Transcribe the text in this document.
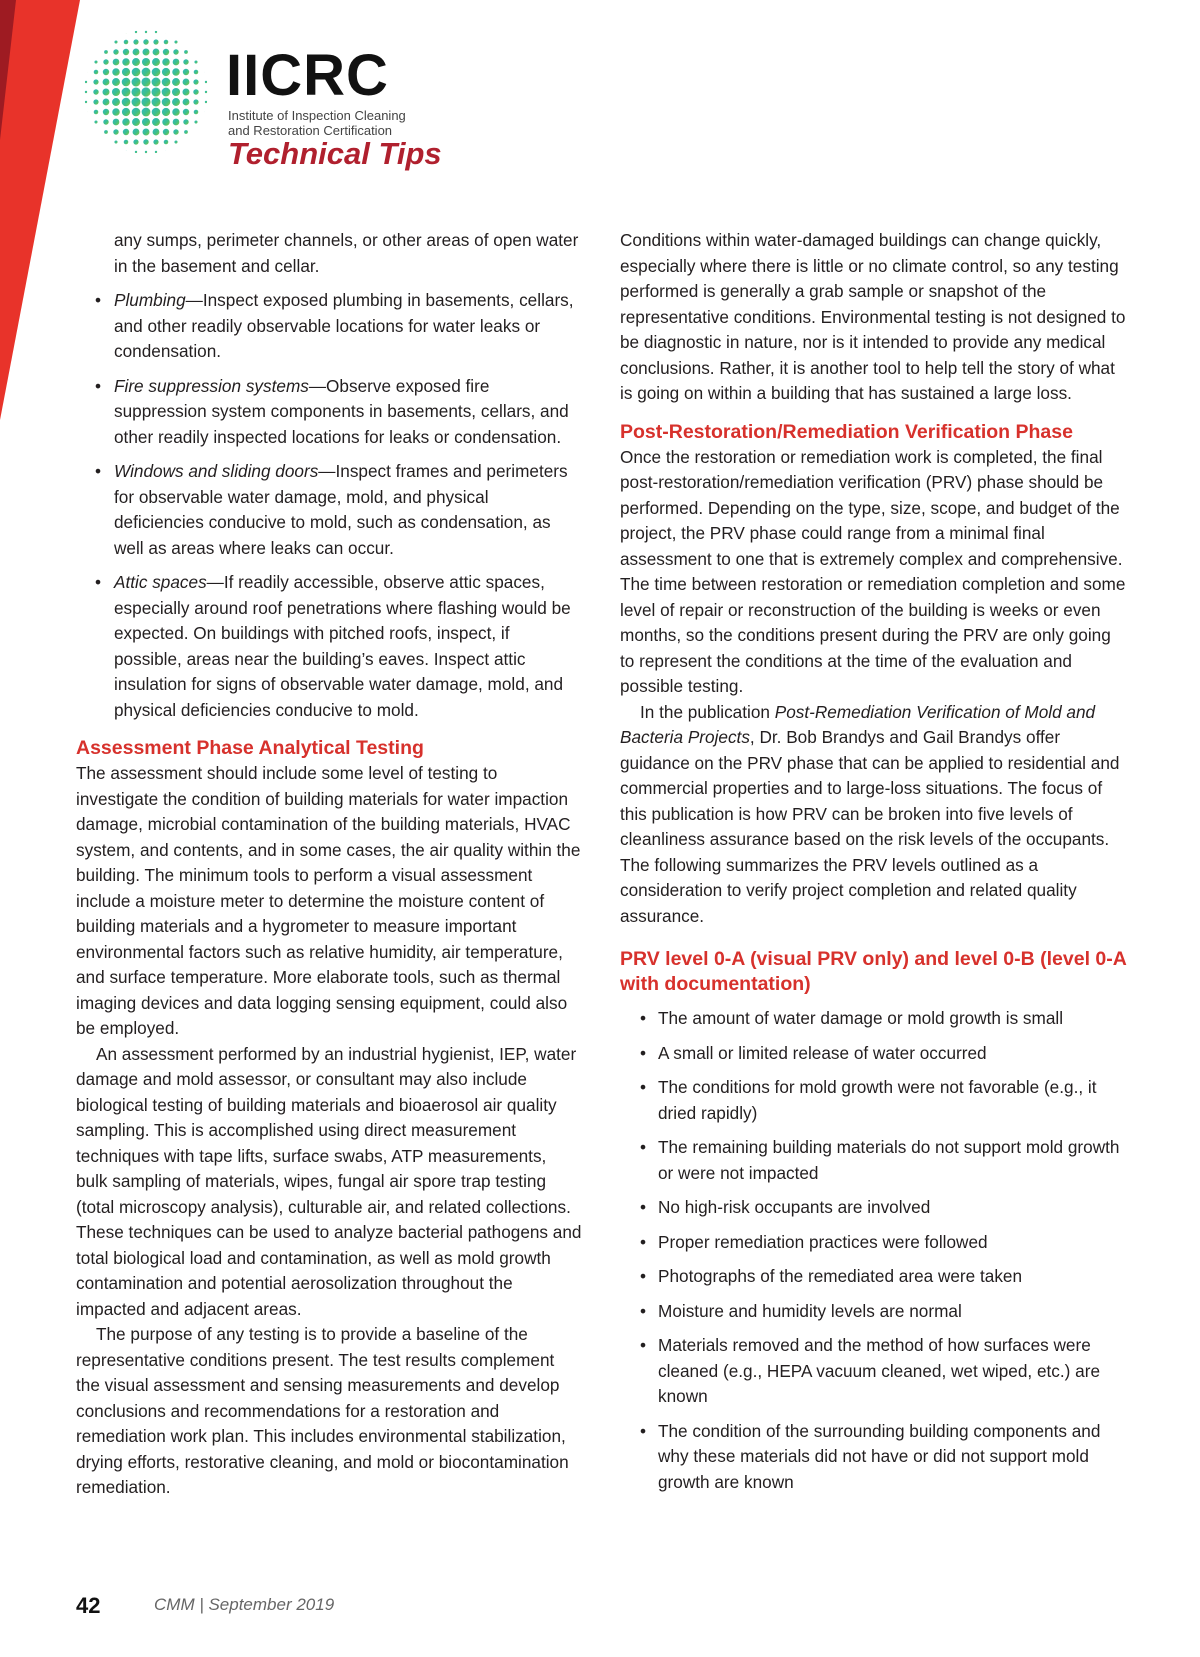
IICRC
Institute of Inspection Cleaning
and Restoration Certification
Technical Tips

any sumps, perimeter channels, or other areas of open water in the basement and cellar.

• Plumbing—Inspect exposed plumbing in basements, cellars, and other readily observable locations for water leaks or condensation.
• Fire suppression systems—Observe exposed fire suppression system components in basements, cellars, and other readily inspected locations for leaks or condensation.
• Windows and sliding doors—Inspect frames and perimeters for observable water damage, mold, and physical deficiencies conducive to mold, such as condensation, as well as areas where leaks can occur.
• Attic spaces—If readily accessible, observe attic spaces, especially around roof penetrations where flashing would be expected. On buildings with pitched roofs, inspect, if possible, areas near the building’s eaves. Inspect attic insulation for signs of observable water damage, mold, and physical deficiencies conducive to mold.
Assessment Phase Analytical Testing

The assessment should include some level of testing to investigate the condition of building materials for water impaction damage, microbial contamination of the building materials, HVAC system, and contents, and in some cases, the air quality within the building. The minimum tools to perform a visual assessment include a moisture meter to determine the moisture content of building materials and a hygrometer to measure important environmental factors such as relative humidity, air temperature, and surface temperature. More elaborate tools, such as thermal imaging devices and data logging sensing equipment, could also be employed.

An assessment performed by an industrial hygienist, IEP, water damage and mold assessor, or consultant may also include biological testing of building materials and bioaerosol air quality sampling. This is accomplished using direct measurement techniques with tape lifts, surface swabs, ATP measurements, bulk sampling of materials, wipes, fungal air spore trap testing (total microscopy analysis), culturable air, and related collections. These techniques can be used to analyze bacterial pathogens and total biological load and contamination, as well as mold growth contamination and potential aerosolization throughout the impacted and adjacent areas.

The purpose of any testing is to provide a baseline of the representative conditions present. The test results complement the visual assessment and sensing measurements and develop conclusions and recommendations for a restoration and remediation work plan. This includes environmental stabilization, drying efforts, restorative cleaning, and mold or biocontamination remediation.

Conditions within water-damaged buildings can change quickly, especially where there is little or no climate control, so any testing performed is generally a grab sample or snapshot of the representative conditions. Environmental testing is not designed to be diagnostic in nature, nor is it intended to provide any medical conclusions. Rather, it is another tool to help tell the story of what is going on within a building that has sustained a large loss.

Post-Restoration/Remediation Verification Phase

Once the restoration or remediation work is completed, the final post-restoration/remediation verification (PRV) phase should be performed. Depending on the type, size, scope, and budget of the project, the PRV phase could range from a minimal final assessment to one that is extremely complex and comprehensive. The time between restoration or remediation completion and some level of repair or reconstruction of the building is weeks or even months, so the conditions present during the PRV are only going to represent the conditions at the time of the evaluation and possible testing.

In the publication Post-Remediation Verification of Mold and Bacteria Projects, Dr. Bob Brandys and Gail Brandys offer guidance on the PRV phase that can be applied to residential and commercial properties and to large-loss situations. The focus of this publication is how PRV can be broken into five levels of cleanliness assurance based on the risk levels of the occupants. The following summarizes the PRV levels outlined as a consideration to verify project completion and related quality assurance.

PRV level 0-A (visual PRV only) and level 0-B (level 0-A with documentation)
• The amount of water damage or mold growth is small
• A small or limited release of water occurred
• The conditions for mold growth were not favorable (e.g., it dried rapidly)
• The remaining building materials do not support mold growth or were not impacted
• No high-risk occupants are involved
• Proper remediation practices were followed
• Photographs of the remediated area were taken
• Moisture and humidity levels are normal
• Materials removed and the method of how surfaces were cleaned (e.g., HEPA vacuum cleaned, wet wiped, etc.) are known
• The condition of the surrounding building components and why these materials did not have or did not support mold growth are known
42	CMM | September 2019
